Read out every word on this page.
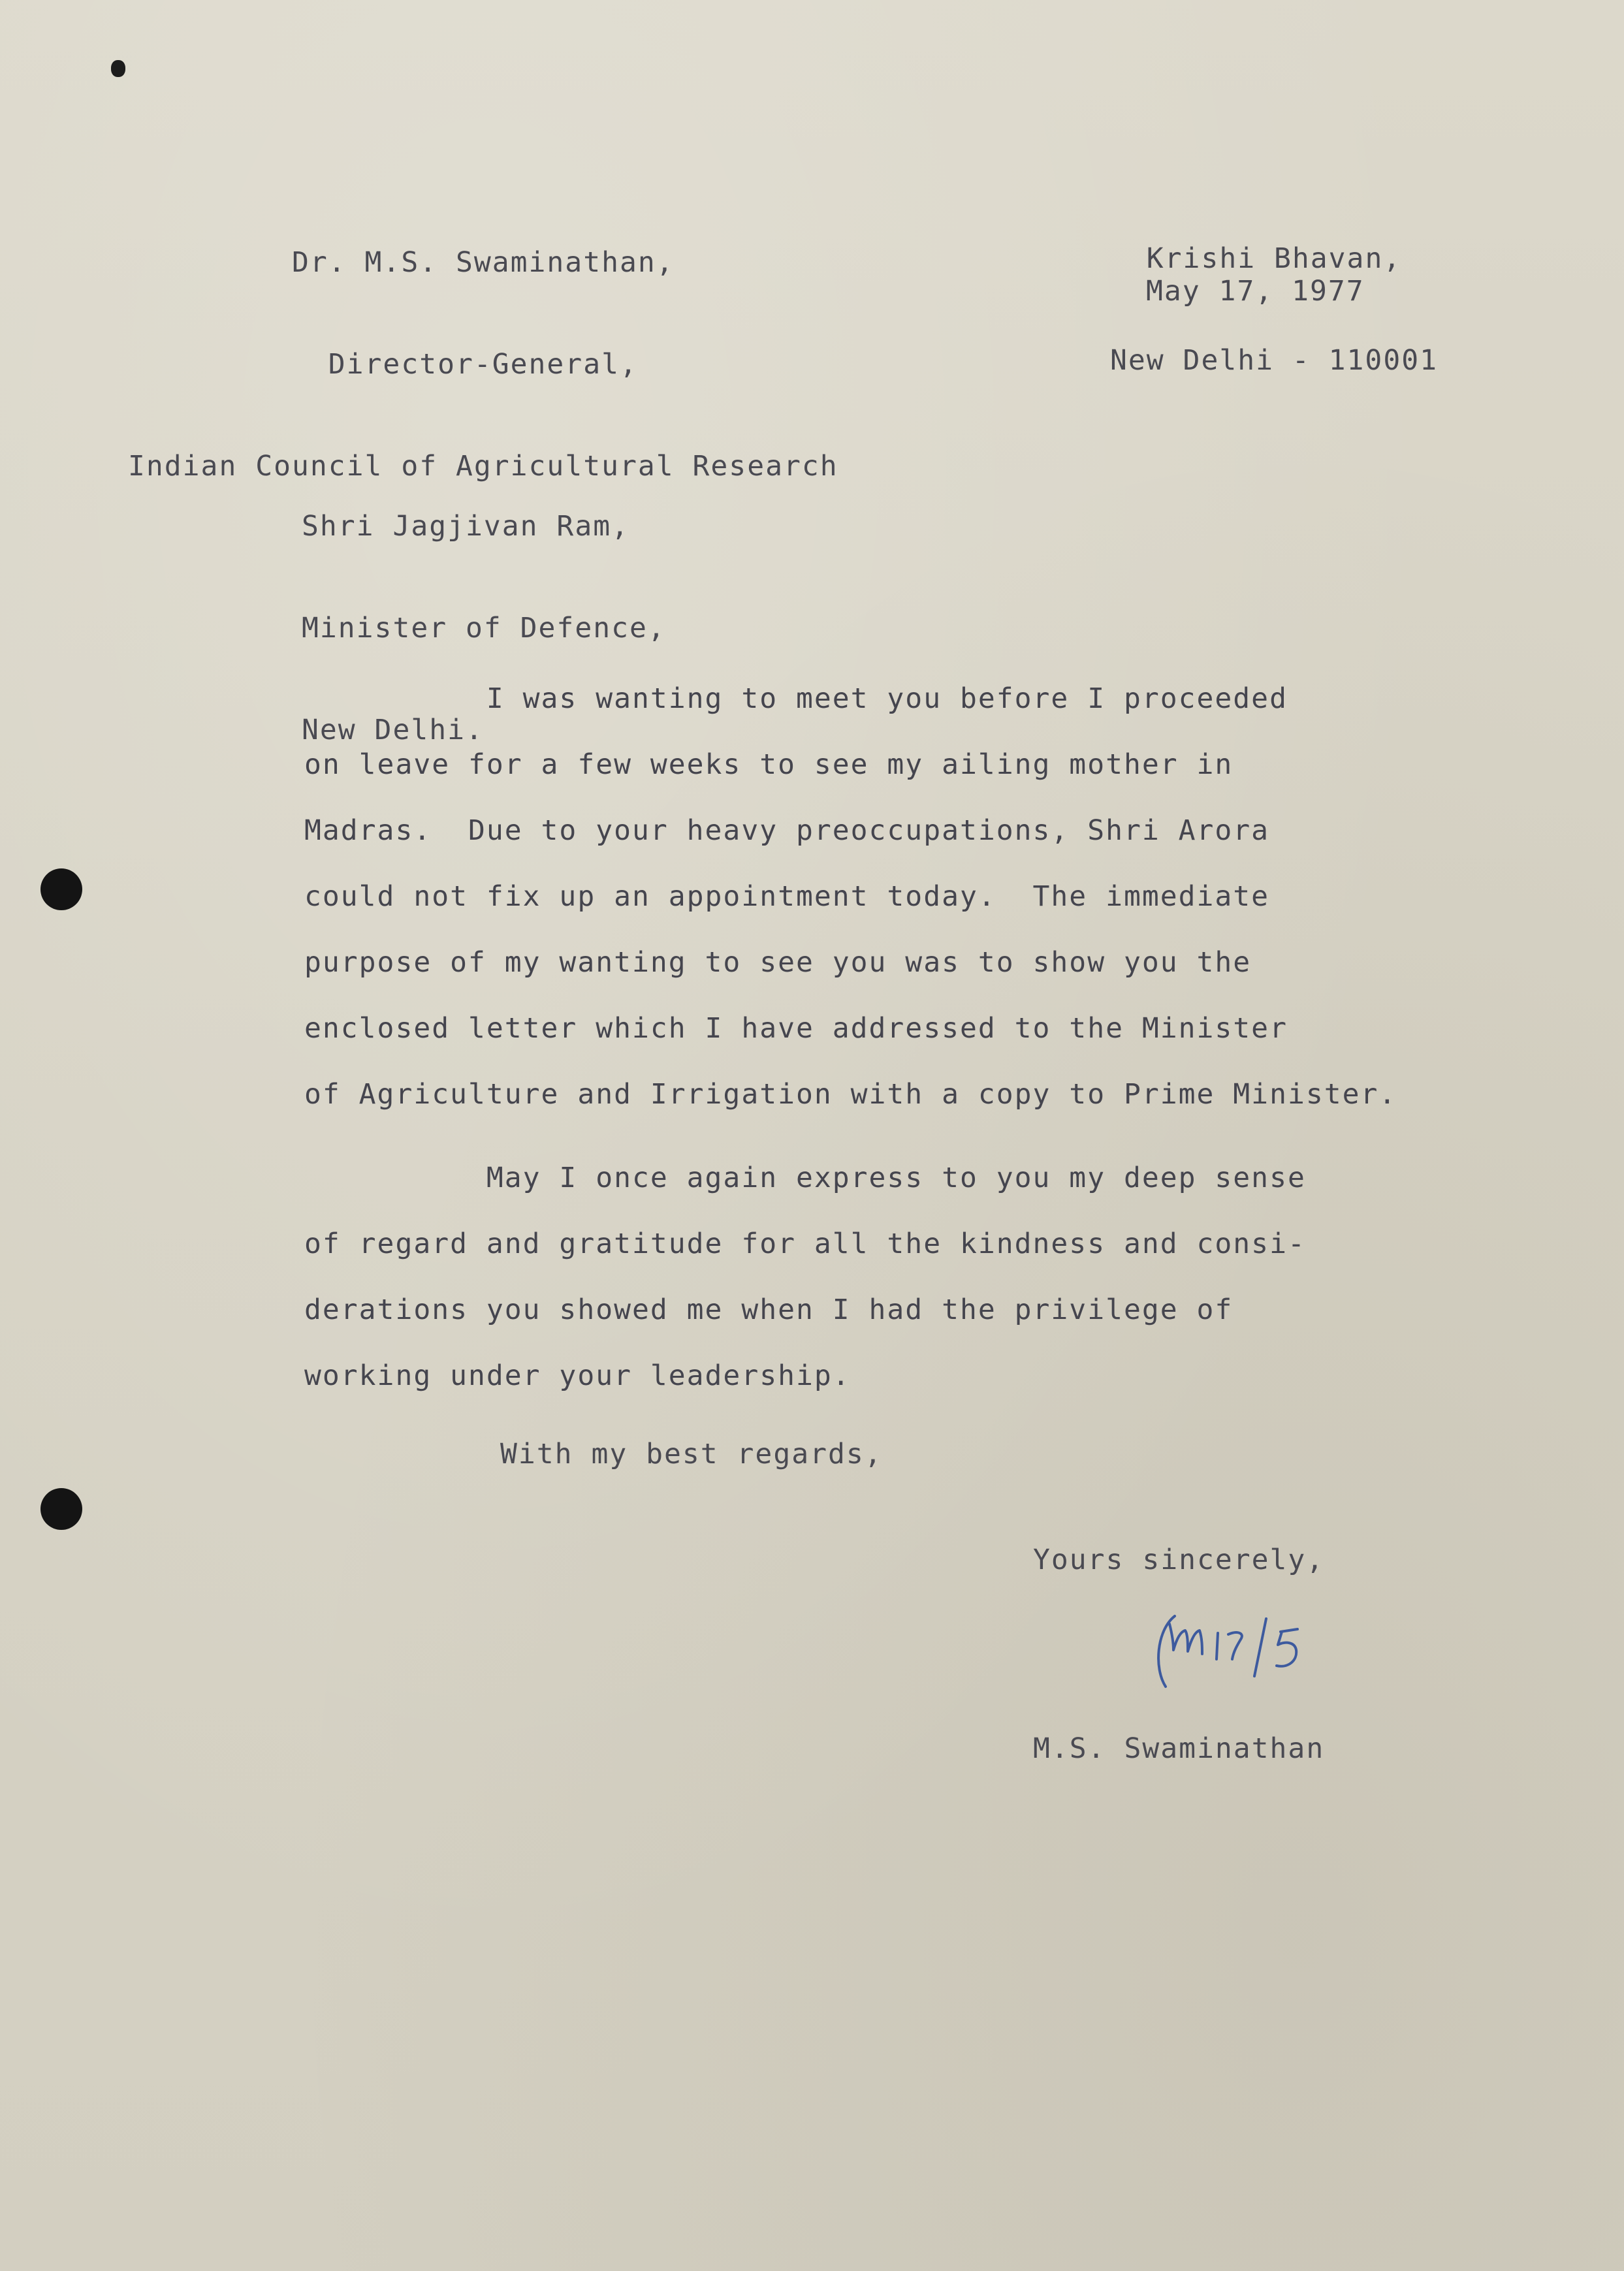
Dr. M.S. Swaminathan,

Director-General,

Indian Council of Agricultural Research

Krishi Bhavan,

New Delhi - 110001

May 17, 1977

Shri Jagjivan Ram,

Minister of Defence,

New Delhi.

I was wanting to meet you before I proceeded
on leave for a few weeks to see my ailing mother in
Madras.  Due to your heavy preoccupations, Shri Arora
could not fix up an appointment today.  The immediate
purpose of my wanting to see you was to show you the
enclosed letter which I have addressed to the Minister
of Agriculture and Irrigation with a copy to Prime Minister.
May I once again express to you my deep sense
of regard and gratitude for all the kindness and consi-
derations you showed me when I had the privilege of
working under your leadership.
With my best regards,
Yours sincerely,
M.S. Swaminathan
